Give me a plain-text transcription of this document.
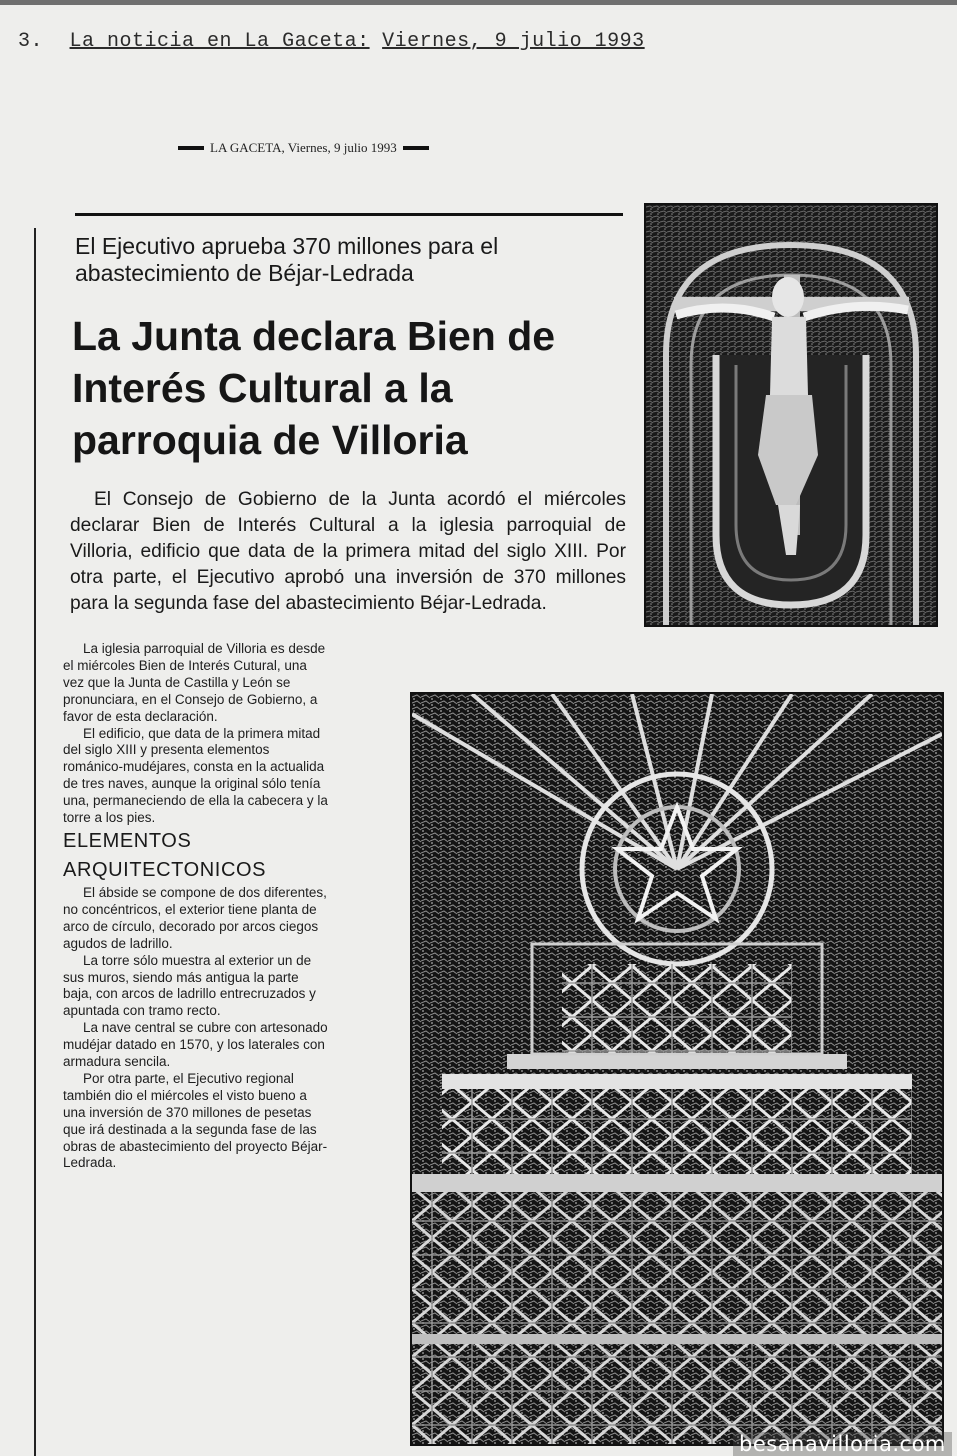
3. La noticia en La Gaceta: Viernes, 9 julio 1993
LA GACETA, Viernes, 9 julio 1993
El Ejecutivo aprueba 370 millones para el abastecimiento de Béjar-Ledrada
La Junta declara Bien de Interés Cultural a la parroquia de Villoria
El Consejo de Gobierno de la Junta acordó el miércoles declarar Bien de Interés Cultural a la iglesia parroquial de Villoria, edificio que data de la primera mitad del siglo XIII. Por otra parte, el Ejecutivo aprobó una inversión de 370 millones para la segunda fase del abastecimiento Béjar-Ledrada.

La iglesia parroquial de Villoria es desde el miércoles Bien de Interés Cutural, una vez que la Junta de Castilla y León se pronunciara, en el Consejo de Gobierno, a favor de esta declaración.

El edificio, que data de la primera mitad del siglo XIII y presenta elementos románico-mudéjares, consta en la actualida de tres naves, aunque la original sólo tenía una, permaneciendo de ella la cabecera y la torre a los pies.

ELEMENTOS ARQUITECTONICOS

El ábside se compone de dos diferentes, no concéntricos, el exterior tiene planta de arco de círculo, decorado por arcos ciegos agudos de ladrillo.

La torre sólo muestra al exterior un de sus muros, siendo más antigua la parte baja, con arcos de ladrillo entrecruzados y apuntada con tramo recto.

La nave central se cubre con artesonado mudéjar datado en 1570, y los laterales con armadura sencila.

Por otra parte, el Ejecutivo regional también dio el miércoles el visto bueno a una inversión de 370 millones de pesetas que irá destinada a la segunda fase de las obras de abastecimiento del proyecto Béjar-Ledrada.

besanavilloria.com
